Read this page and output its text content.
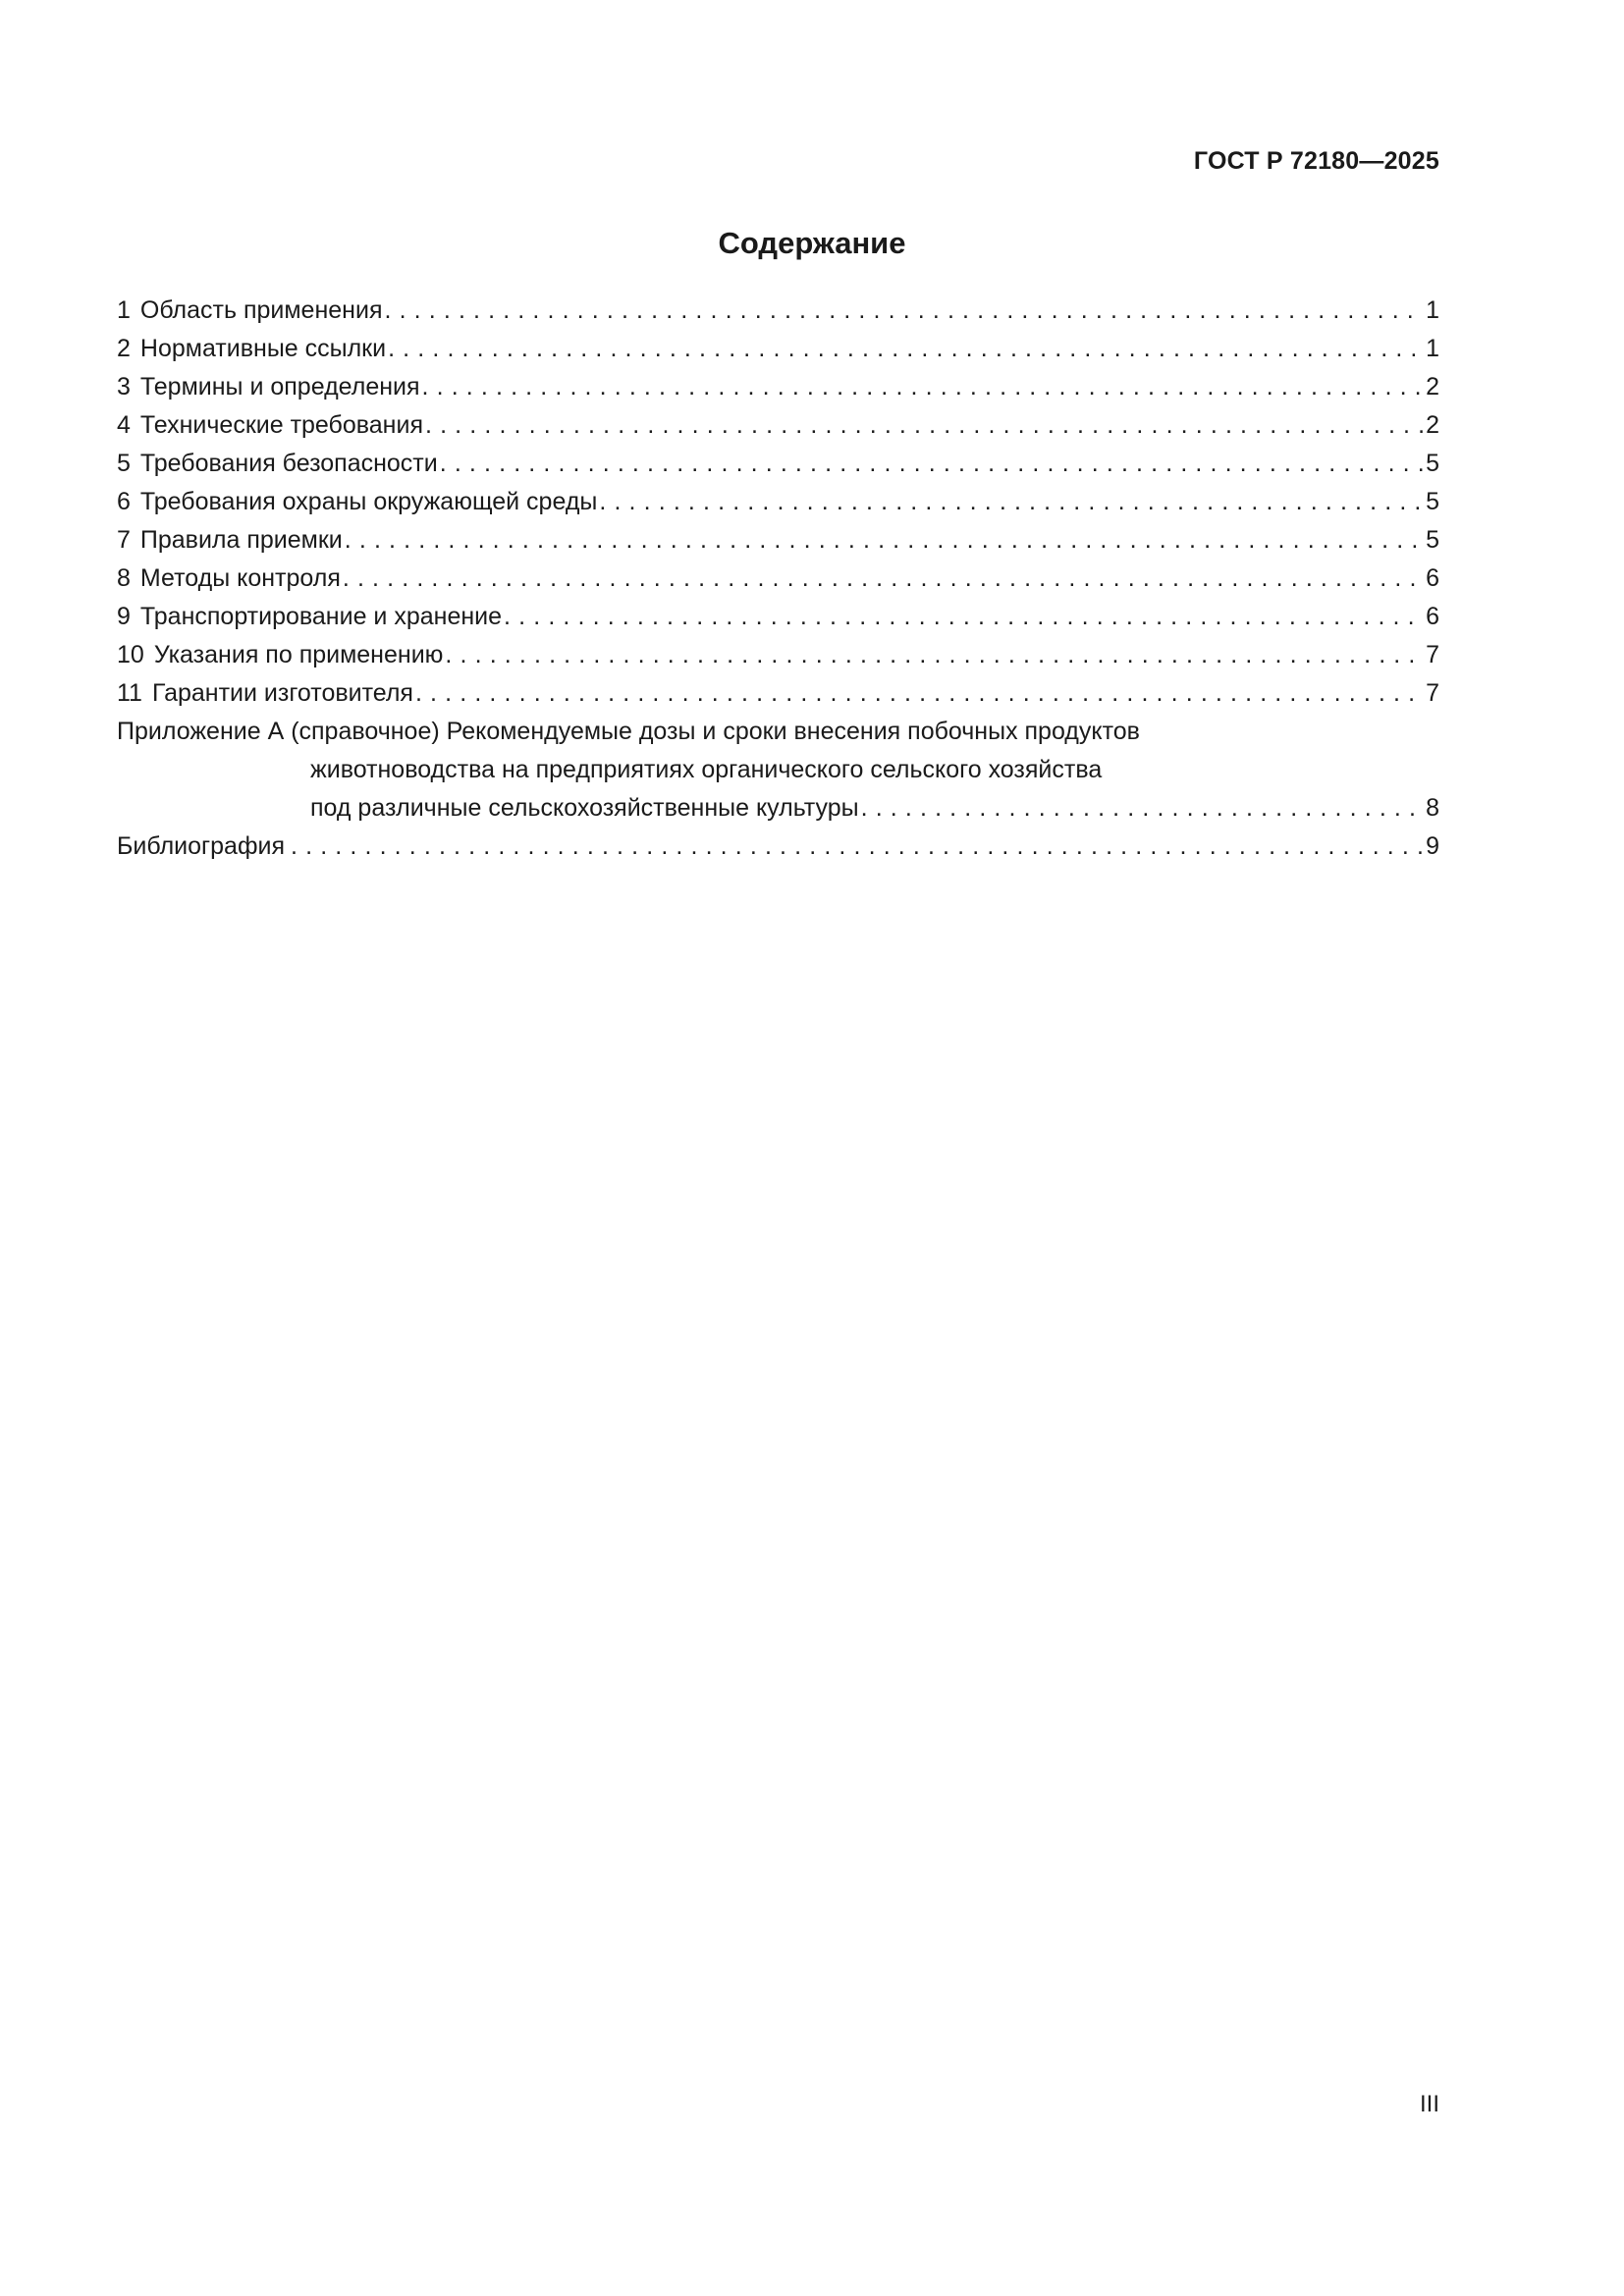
ГОСТ Р 72180—2025
Содержание
1 Область применения . . .	1
2 Нормативные ссылки . . .	1
3 Термины и определения . . .	2
4 Технические требования . . .	2
5 Требования безопасности . . .	5
6 Требования охраны окружающей среды . . .	5
7 Правила приемки . . .	5
8 Методы контроля . . .	6
9 Транспортирование и хранение . . .	6
10 Указания по применению . . .	7
11 Гарантии изготовителя . . .	7
Приложение А (справочное) Рекомендуемые дозы и сроки внесения побочных продуктов
животноводства на предприятиях органического сельского хозяйства
под различные сельскохозяйственные культуры . . .	8
Библиография . . .	9
III
